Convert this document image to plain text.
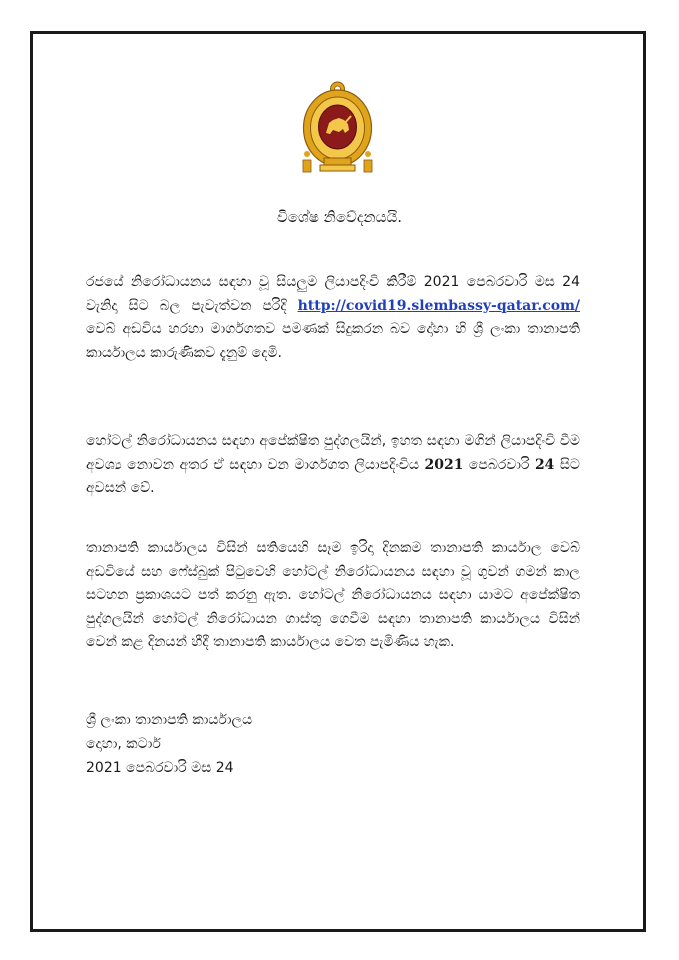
විශේෂ නිවේදනයයි.
රජයේ නිරෝධායනය සඳහා වූ සියලුම ලියාපදිංචි කිරීම් 2021 පෙබරවාරි මස 24 වැනිදා සිට බල පැවැත්වන පරිදි http://covid19.slembassy-qatar.com/ වෙබ් අඩවිය හරහා මාර්ගගතව පමණක් සිදුකරන බව දෝහා හි ශ්‍රී ලංකා තානාපති කාර්යාලය කාරුණිකව දැනුම් දෙමි.
හෝටල් නිරෝධායනය සඳහා අපේක්ෂිත පුද්ගලයින්, ඉහත සඳහා මගින් ලියාපදිංචි වීම අවශ්‍ය නොවන අතර ඒ සඳහා වන මාර්ගගත ලියාපදිංචිය 2021 පෙබරවාරි 24 සිට අවසන් වේ.
තානාපති කාර්යාලය විසින් සතියෙහි සෑම ඉරිදා දිනකම තානාපති කාර්යාල වෙබ් අඩවියේ සහ ෆේස්බුක් පිටුවෙහි හෝටල් නිරෝධායනය සඳහා වූ ගුවන් ගමන් කාල සටහන ප්‍රකාශයට පත් කරනු ඇත. හෝටල් නිරෝධායනය සඳහා යාමට අපේක්ෂිත පුද්ගලයින් හෝටල් නිරෝධායන ගාස්තු ගෙවීම සඳහා තානාපති කාර්යාලය විසින් වෙන් කළ දිනයන් හීදී තානාපති කාර්යාලය වෙත පැමිණිය හැක.
ශ්‍රී ලංකා තානාපති කාර්යාලය
දොහා, කටාර්
2021 පෙබරවාරි මස 24
